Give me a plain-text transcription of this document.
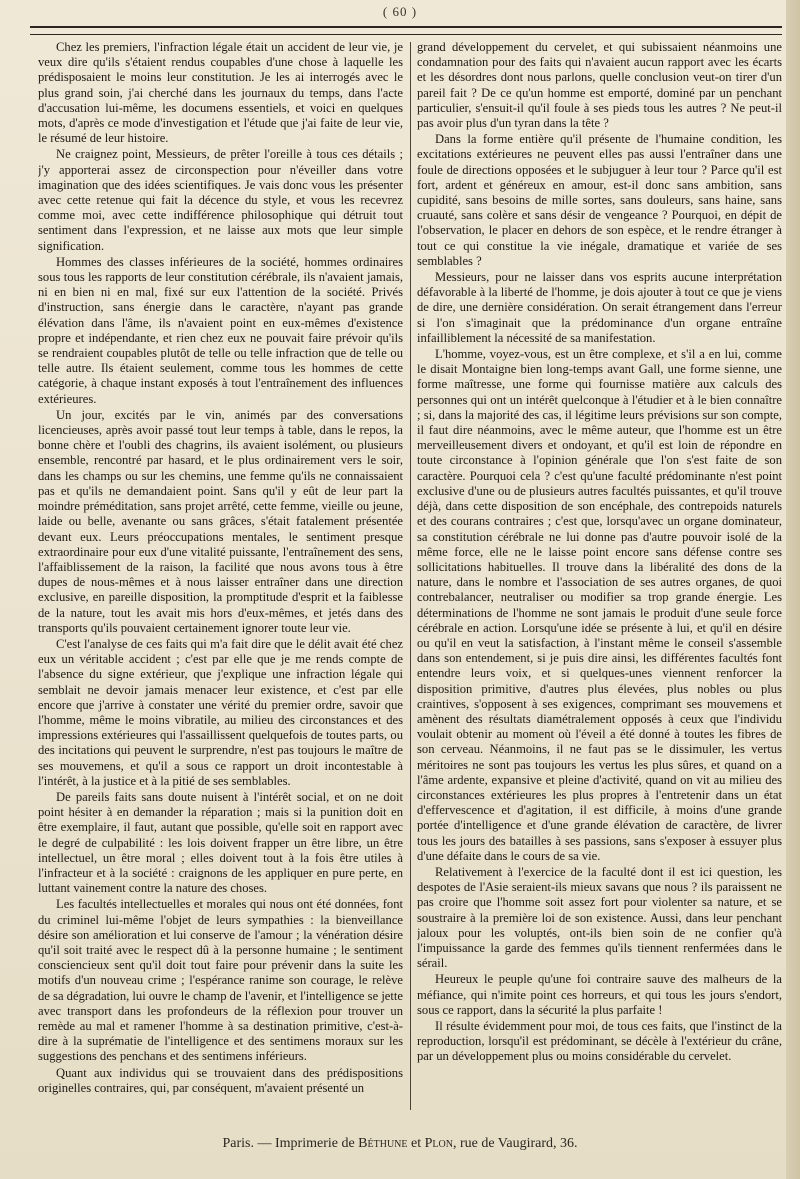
( 60 )

Chez les premiers, l'infraction légale était un accident de leur vie, je veux dire qu'ils s'étaient rendus coupables d'une chose à laquelle les prédisposaient le moins leur constitution. Je les ai interrogés avec le plus grand soin, j'ai cherché dans les journaux du temps, dans l'acte d'accusation lui-même, les documens essentiels, et voici en quelques mots, d'après ce mode d'investigation et l'étude que j'ai faite de leur vie, le résumé de leur histoire.

Ne craignez point, Messieurs, de prêter l'oreille à tous ces détails ; j'y apporterai assez de circonspection pour n'éveiller dans votre imagination que des idées scientifiques. Je vais donc vous les présenter avec cette retenue qui fait la décence du style, et vous les recevrez comme moi, avec cette indifférence philosophique qui détruit tout sentiment dans l'expression, et ne laisse aux mots que leur simple signification.

Hommes des classes inférieures de la société, hommes ordinaires sous tous les rapports de leur constitution cérébrale, ils n'avaient jamais, ni en bien ni en mal, fixé sur eux l'attention de la société. Privés d'instruction, sans énergie dans le caractère, n'ayant pas grande élévation dans l'âme, ils n'avaient point en eux-mêmes d'existence propre et indépendante, et rien chez eux ne pouvait faire prévoir qu'ils se rendraient coupables plutôt de telle ou telle infraction que de telle ou telle autre. Ils étaient seulement, comme tous les hommes de cette catégorie, à chaque instant exposés à tout l'entraînement des influences extérieures.

Un jour, excités par le vin, animés par des conversations licencieuses, après avoir passé tout leur temps à table, dans le repos, la bonne chère et l'oubli des chagrins, ils avaient isolément, ou plusieurs ensemble, rencontré par hasard, et le plus ordinairement vers le soir, dans les champs ou sur les chemins, une femme qu'ils ne connaissaient pas et qu'ils ne demandaient point. Sans qu'il y eût de leur part la moindre préméditation, sans projet arrêté, cette femme, vieille ou jeune, laide ou belle, avenante ou sans grâces, s'était fatalement présentée devant eux. Leurs préoccupations mentales, le sentiment presque extraordinaire pour eux d'une vitalité puissante, l'entraînement des sens, l'affaiblissement de la raison, la facilité que nous avons tous à être dupes de nous-mêmes et à nous laisser entraîner dans une direction exclusive, en pareille disposition, la promptitude d'esprit et la faiblesse de la nature, tout les avait mis hors d'eux-mêmes, et jetés dans des transports qu'ils pouvaient certainement ignorer toute leur vie.

C'est l'analyse de ces faits qui m'a fait dire que le délit avait été chez eux un véritable accident ; c'est par elle que je me rends compte de l'absence du signe extérieur, que j'explique une infraction légale qui semblait ne devoir jamais menacer leur existence, et c'est par elle encore que j'arrive à constater une vérité du premier ordre, savoir que l'homme, même le moins vibratile, au milieu des circonstances et des impressions extérieures qui l'assaillissent quelquefois de toutes parts, ou des incitations qui peuvent le surprendre, n'est pas toujours le maître de ses mouvemens, et qu'il a sous ce rapport un droit incontestable à l'intérêt, à la justice et à la pitié de ses semblables.

De pareils faits sans doute nuisent à l'intérêt social, et on ne doit point hésiter à en demander la réparation ; mais si la punition doit en être exemplaire, il faut, autant que possible, qu'elle soit en rapport avec le degré de culpabilité : les lois doivent frapper un être libre, un être intellectuel, un être moral ; elles doivent tout à la fois être utiles à l'infracteur et à la société : craignons de les appliquer en pure perte, en luttant vainement contre la nature des choses.

Les facultés intellectuelles et morales qui nous ont été données, font du criminel lui-même l'objet de leurs sympathies : la bienveillance désire son amélioration et lui conserve de l'amour ; la vénération désire qu'il soit traité avec le respect dû à la personne humaine ; le sentiment consciencieux sent qu'il doit tout faire pour prévenir dans la suite les motifs d'un nouveau crime ; l'espérance ranime son courage, le relève de sa dégradation, lui ouvre le champ de l'avenir, et l'intelligence se jette avec transport dans les profondeurs de la réflexion pour trouver un remède au mal et ramener l'homme à sa destination primitive, c'est-à-dire à la suprématie de l'intelligence et des sentimens moraux sur les suggestions des penchans et des sentimens inférieurs.

Quant aux individus qui se trouvaient dans des prédispositions originelles contraires, qui, par conséquent, m'avaient présenté un

grand développement du cervelet, et qui subissaient néanmoins une condamnation pour des faits qui n'avaient aucun rapport avec les écarts et les désordres dont nous parlons, quelle conclusion veut-on tirer d'un pareil fait ? De ce qu'un homme est emporté, dominé par un penchant particulier, s'ensuit-il qu'il foule à ses pieds tous les autres ? Ne peut-il pas avoir plus d'un tyran dans la tête ?

Dans la forme entière qu'il présente de l'humaine condition, les excitations extérieures ne peuvent elles pas aussi l'entraîner dans une foule de directions opposées et le subjuguer à leur tour ? Parce qu'il est fort, ardent et généreux en amour, est-il donc sans ambition, sans cupidité, sans besoins de mille sortes, sans douleurs, sans haine, sans cruauté, sans colère et sans désir de vengeance ? Pourquoi, en dépit de l'observation, le placer en dehors de son espèce, et le rendre étranger à tout ce qui constitue la vie inégale, dramatique et variée de ses semblables ?

Messieurs, pour ne laisser dans vos esprits aucune interprétation défavorable à la liberté de l'homme, je dois ajouter à tout ce que je viens de dire, une dernière considération. On serait étrangement dans l'erreur si l'on s'imaginait que la prédominance d'un organe entraîne infailliblement la nécessité de sa manifestation.

L'homme, voyez-vous, est un être complexe, et s'il a en lui, comme le disait Montaigne bien long-temps avant Gall, une forme sienne, une forme maîtresse, une forme qui fournisse matière aux calculs des personnes qui ont un intérêt quelconque à l'étudier et à le bien connaître ; si, dans la majorité des cas, il légitime leurs prévisions sur son compte, il faut dire néanmoins, avec le même auteur, que l'homme est un être merveilleusement divers et ondoyant, et qu'il est loin de répondre en toute circonstance à l'opinion générale que l'on s'est faite de son caractère. Pourquoi cela ? c'est qu'une faculté prédominante n'est point exclusive d'une ou de plusieurs autres facultés puissantes, et qu'il trouve déjà, dans cette disposition de son encéphale, des contrepoids naturels et des courans contraires ; c'est que, lorsqu'avec un organe dominateur, sa constitution cérébrale ne lui donne pas d'autre pouvoir isolé de la même force, elle ne le laisse point encore sans défense contre ses sollicitations habituelles. Il trouve dans la libéralité des dons de la nature, dans le nombre et l'association de ses autres organes, de quoi contrebalancer, neutraliser ou modifier sa trop grande énergie. Les déterminations de l'homme ne sont jamais le produit d'une seule force cérébrale en action. Lorsqu'une idée se présente à lui, et qu'il en désire ou qu'il en veut la satisfaction, à l'instant même le conseil s'assemble dans son entendement, si je puis dire ainsi, les différentes facultés font entendre leurs voix, et si quelques-unes viennent renforcer la disposition primitive, d'autres plus élevées, plus nobles ou plus craintives, s'opposent à ses exigences, comprimant ses mouvemens et amènent des résultats diamétralement opposés à ceux que l'individu voulait obtenir au moment où l'éveil a été donné à toutes les fibres de son cerveau. Néanmoins, il ne faut pas se le dissimuler, les vertus méritoires ne sont pas toujours les vertus les plus sûres, et quand on a l'âme ardente, expansive et pleine d'activité, quand on vit au milieu des circonstances extérieures les plus propres à l'entretenir dans un état d'effervescence et d'agitation, il est difficile, à moins d'une grande portée d'intelligence et d'une grande élévation de caractère, de livrer tous les jours des batailles à ses passions, sans s'exposer à essuyer plus d'une défaite dans le cours de sa vie.

Relativement à l'exercice de la faculté dont il est ici question, les despotes de l'Asie seraient-ils mieux savans que nous ? ils paraissent ne pas croire que l'homme soit assez fort pour violenter sa nature, et se soustraire à la première loi de son existence. Aussi, dans leur penchant jaloux pour les voluptés, ont-ils bien soin de ne confier qu'à l'impuissance la garde des femmes qu'ils tiennent renfermées dans le sérail.

Heureux le peuple qu'une foi contraire sauve des malheurs de la méfiance, qui n'imite point ces horreurs, et qui tous les jours s'endort, sous ce rapport, dans la sécurité la plus parfaite !

Il résulte évidemment pour moi, de tous ces faits, que l'instinct de la reproduction, lorsqu'il est prédominant, se décèle à l'extérieur du crâne, par un développement plus ou moins considérable du cervelet.

Paris. — Imprimerie de Béthune et Plon, rue de Vaugirard, 36.
